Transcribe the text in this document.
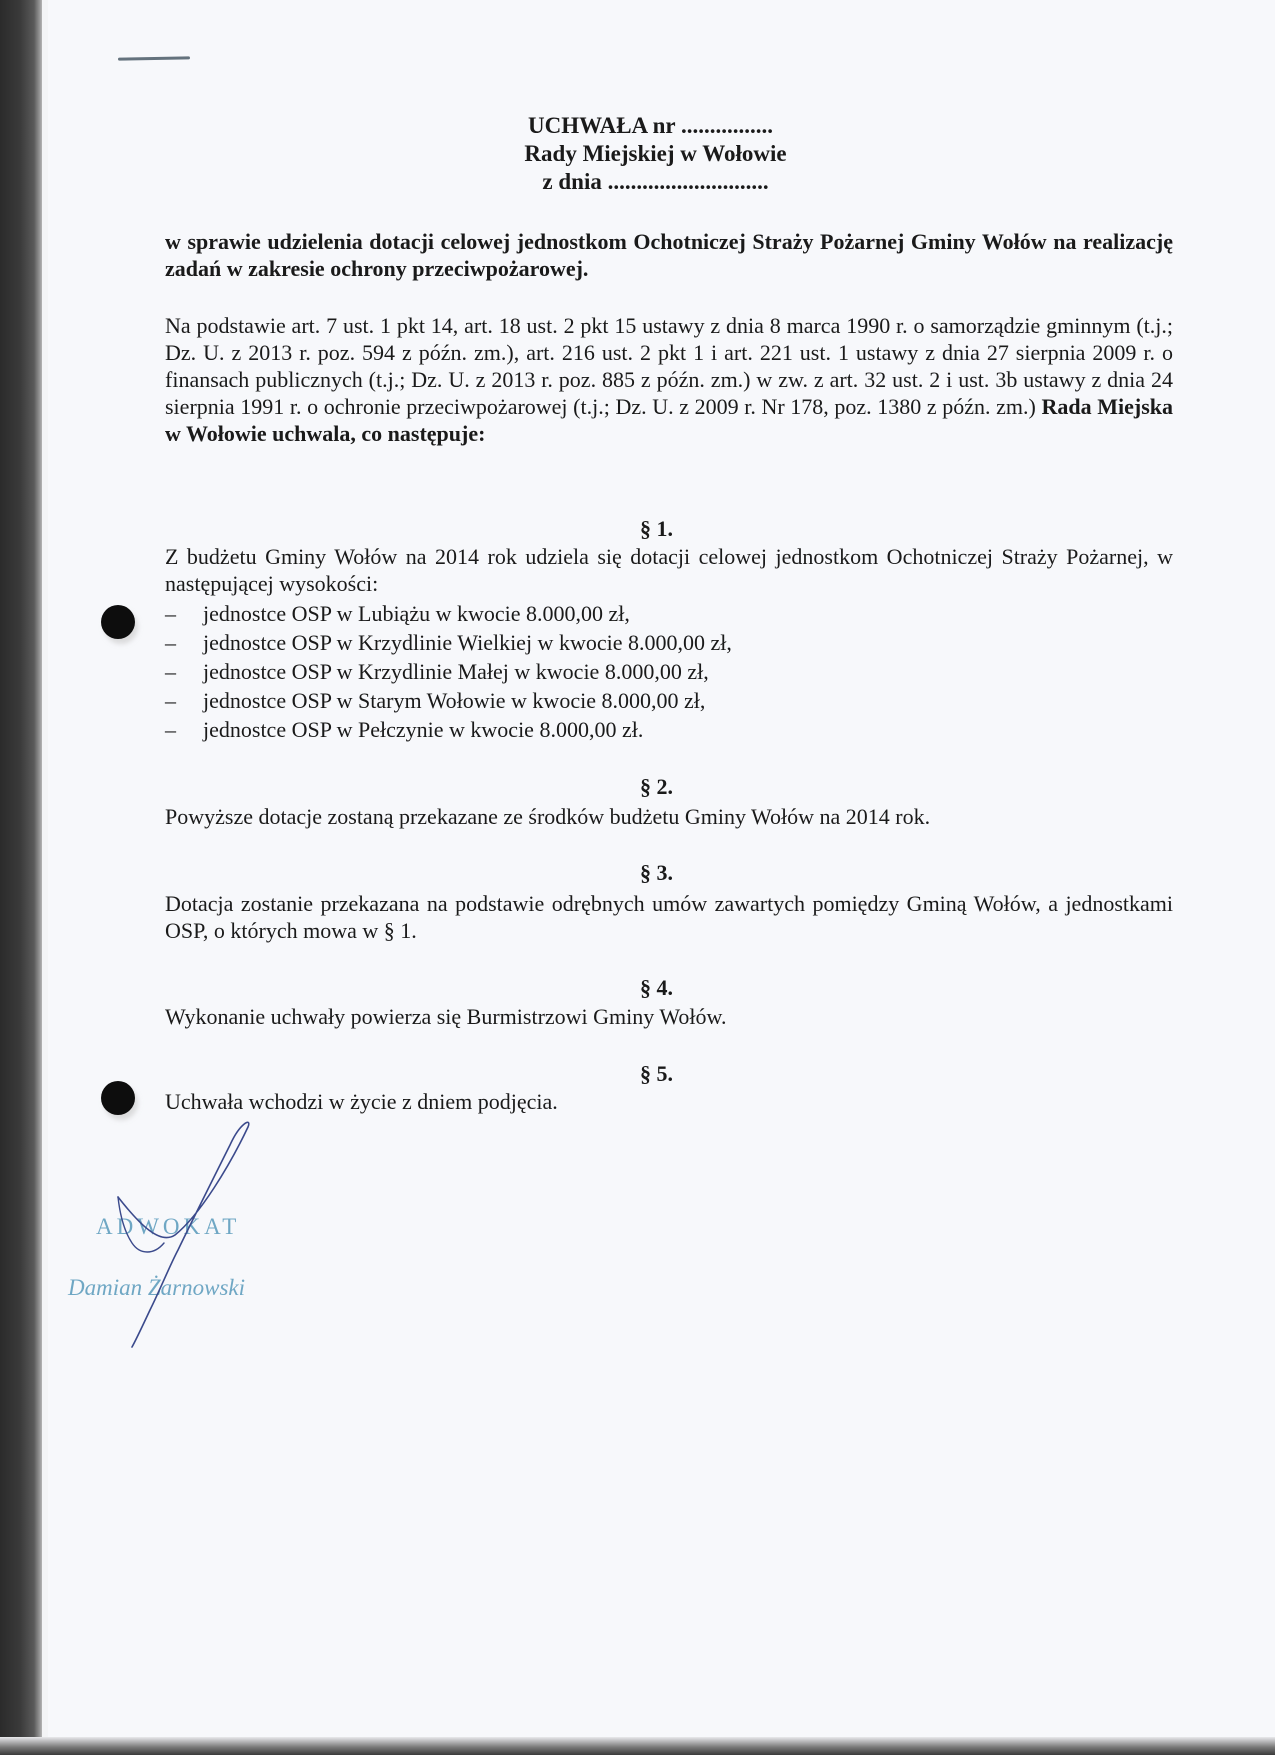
UCHWAŁA nr ................
Rady Miejskiej w Wołowie
z dnia ............................
w sprawie udzielenia dotacji celowej jednostkom Ochotniczej Straży Pożarnej Gminy Wołów na realizację zadań w zakresie ochrony przeciwpożarowej.
Na podstawie art. 7 ust. 1 pkt 14, art. 18 ust. 2 pkt 15 ustawy z dnia 8 marca 1990 r. o samorządzie gminnym (t.j.; Dz. U. z 2013 r. poz. 594 z późn. zm.), art. 216 ust. 2 pkt 1 i art. 221 ust. 1 ustawy z dnia 27 sierpnia 2009 r. o finansach publicznych (t.j.; Dz. U. z 2013 r. poz. 885 z późn. zm.) w zw. z art. 32 ust. 2 i ust. 3b ustawy z dnia 24 sierpnia 1991 r. o ochronie przeciwpożarowej (t.j.; Dz. U. z 2009 r. Nr 178, poz. 1380 z późn. zm.) Rada Miejska w Wołowie uchwala, co następuje:
§ 1.
Z budżetu Gminy Wołów na 2014 rok udziela się dotacji celowej jednostkom Ochotniczej Straży Pożarnej, w następującej wysokości:
– jednostce OSP w Lubiążu w kwocie 8.000,00 zł,
– jednostce OSP w Krzydlinie Wielkiej w kwocie 8.000,00 zł,
– jednostce OSP w Krzydlinie Małej w kwocie 8.000,00 zł,
– jednostce OSP w Starym Wołowie w kwocie 8.000,00 zł,
– jednostce OSP w Pełczynie w kwocie 8.000,00 zł.
§ 2.
Powyższe dotacje zostaną przekazane ze środków budżetu Gminy Wołów na 2014 rok.
§ 3.
Dotacja zostanie przekazana na podstawie odrębnych umów zawartych pomiędzy Gminą Wołów, a jednostkami OSP, o których mowa w § 1.
§ 4.
Wykonanie uchwały powierza się Burmistrzowi Gminy Wołów.
§ 5.
Uchwała wchodzi w życie z dniem podjęcia.
ADWOKAT
Damian Żarnowski
